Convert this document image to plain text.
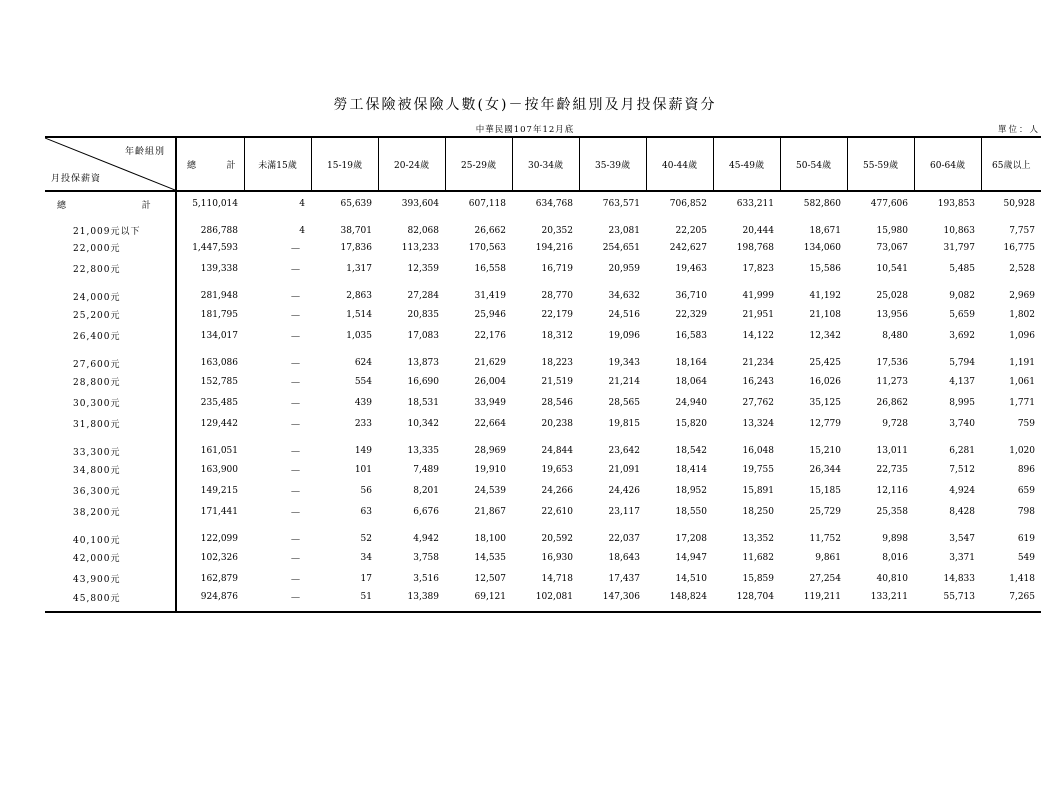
勞工保險被保險人數(女)－按年齡組別及月投保薪資分
中華民國107年12月底	單位：人
年齡組別
月投保薪資	總 計	未滿15歲	15-19歲	20-24歲	25-29歲	30-34歲	35-39歲	40-44歲	45-49歲	50-54歲	55-59歲	60-64歲	65歲以上
總 計	5,110,014	4	65,639	393,604	607,118	634,768	763,571	706,852	633,211	582,860	477,606	193,853	50,928
21,009元以下	286,788	4	38,701	82,068	26,662	20,352	23,081	22,205	20,444	18,671	15,980	10,863	7,757
22,000元	1,447,593	－	17,836	113,233	170,563	194,216	254,651	242,627	198,768	134,060	73,067	31,797	16,775
22,800元	139,338	－	1,317	12,359	16,558	16,719	20,959	19,463	17,823	15,586	10,541	5,485	2,528
24,000元	281,948	－	2,863	27,284	31,419	28,770	34,632	36,710	41,999	41,192	25,028	9,082	2,969
25,200元	181,795	－	1,514	20,835	25,946	22,179	24,516	22,329	21,951	21,108	13,956	5,659	1,802
26,400元	134,017	－	1,035	17,083	22,176	18,312	19,096	16,583	14,122	12,342	8,480	3,692	1,096
27,600元	163,086	－	624	13,873	21,629	18,223	19,343	18,164	21,234	25,425	17,536	5,794	1,191
28,800元	152,785	－	554	16,690	26,004	21,519	21,214	18,064	16,243	16,026	11,273	4,137	1,061
30,300元	235,485	－	439	18,531	33,949	28,546	28,565	24,940	27,762	35,125	26,862	8,995	1,771
31,800元	129,442	－	233	10,342	22,664	20,238	19,815	15,820	13,324	12,779	9,728	3,740	759
33,300元	161,051	－	149	13,335	28,969	24,844	23,642	18,542	16,048	15,210	13,011	6,281	1,020
34,800元	163,900	－	101	7,489	19,910	19,653	21,091	18,414	19,755	26,344	22,735	7,512	896
36,300元	149,215	－	56	8,201	24,539	24,266	24,426	18,952	15,891	15,185	12,116	4,924	659
38,200元	171,441	－	63	6,676	21,867	22,610	23,117	18,550	18,250	25,729	25,358	8,428	798
40,100元	122,099	－	52	4,942	18,100	20,592	22,037	17,208	13,352	11,752	9,898	3,547	619
42,000元	102,326	－	34	3,758	14,535	16,930	18,643	14,947	11,682	9,861	8,016	3,371	549
43,900元	162,879	－	17	3,516	12,507	14,718	17,437	14,510	15,859	27,254	40,810	14,833	1,418
45,800元	924,876	－	51	13,389	69,121	102,081	147,306	148,824	128,704	119,211	133,211	55,713	7,265
